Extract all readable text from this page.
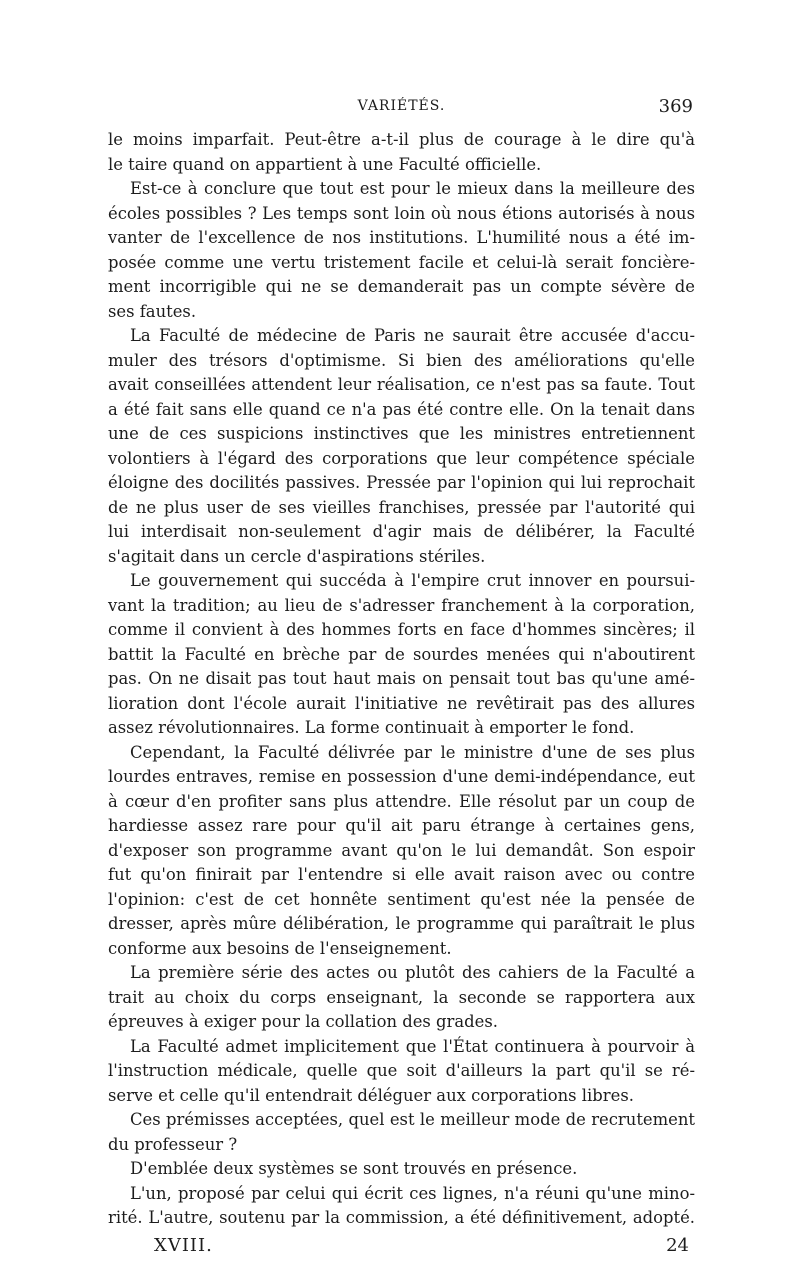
VARIÉTÉS.	369
le moins imparfait. Peut-être a-t-il plus de courage à le dire qu'à
le taire quand on appartient à une Faculté officielle.
Est-ce à conclure que tout est pour le mieux dans la meilleure des
écoles possibles ? Les temps sont loin où nous étions autorisés à nous
vanter de l'excellence de nos institutions. L'humilité nous a été im-
posée comme une vertu tristement facile et celui-là serait foncière-
ment incorrigible qui ne se demanderait pas un compte sévère de
ses fautes.
La Faculté de médecine de Paris ne saurait être accusée d'accu-
muler des trésors d'optimisme. Si bien des améliorations qu'elle
avait conseillées attendent leur réalisation, ce n'est pas sa faute. Tout
a été fait sans elle quand ce n'a pas été contre elle. On la tenait dans
une de ces suspicions instinctives que les ministres entretiennent
volontiers à l'égard des corporations que leur compétence spéciale
éloigne des docilités passives. Pressée par l'opinion qui lui reprochait
de ne plus user de ses vieilles franchises, pressée par l'autorité qui
lui interdisait non-seulement d'agir mais de délibérer, la Faculté
s'agitait dans un cercle d'aspirations stériles.
Le gouvernement qui succéda à l'empire crut innover en poursui-
vant la tradition; au lieu de s'adresser franchement à la corporation,
comme il convient à des hommes forts en face d'hommes sincères; il
battit la Faculté en brèche par de sourdes menées qui n'aboutirent
pas. On ne disait pas tout haut mais on pensait tout bas qu'une amé-
lioration dont l'école aurait l'initiative ne revêtirait pas des allures
assez révolutionnaires. La forme continuait à emporter le fond.
Cependant, la Faculté délivrée par le ministre d'une de ses plus
lourdes entraves, remise en possession d'une demi-indépendance, eut
à cœur d'en profiter sans plus attendre. Elle résolut par un coup de
hardiesse assez rare pour qu'il ait paru étrange à certaines gens,
d'exposer son programme avant qu'on le lui demandât. Son espoir
fut qu'on finirait par l'entendre si elle avait raison avec ou contre
l'opinion: c'est de cet honnête sentiment qu'est née la pensée de
dresser, après mûre délibération, le programme qui paraîtrait le plus
conforme aux besoins de l'enseignement.
La première série des actes ou plutôt des cahiers de la Faculté a
trait au choix du corps enseignant, la seconde se rapportera aux
épreuves à exiger pour la collation des grades.
La Faculté admet implicitement que l'État continuera à pourvoir à
l'instruction médicale, quelle que soit d'ailleurs la part qu'il se ré-
serve et celle qu'il entendrait déléguer aux corporations libres.
Ces prémisses acceptées, quel est le meilleur mode de recrutement
du professeur ?
D'emblée deux systèmes se sont trouvés en présence.
L'un, proposé par celui qui écrit ces lignes, n'a réuni qu'une mino-
rité. L'autre, soutenu par la commission, a été définitivement, adopté.
XVIII.	24
